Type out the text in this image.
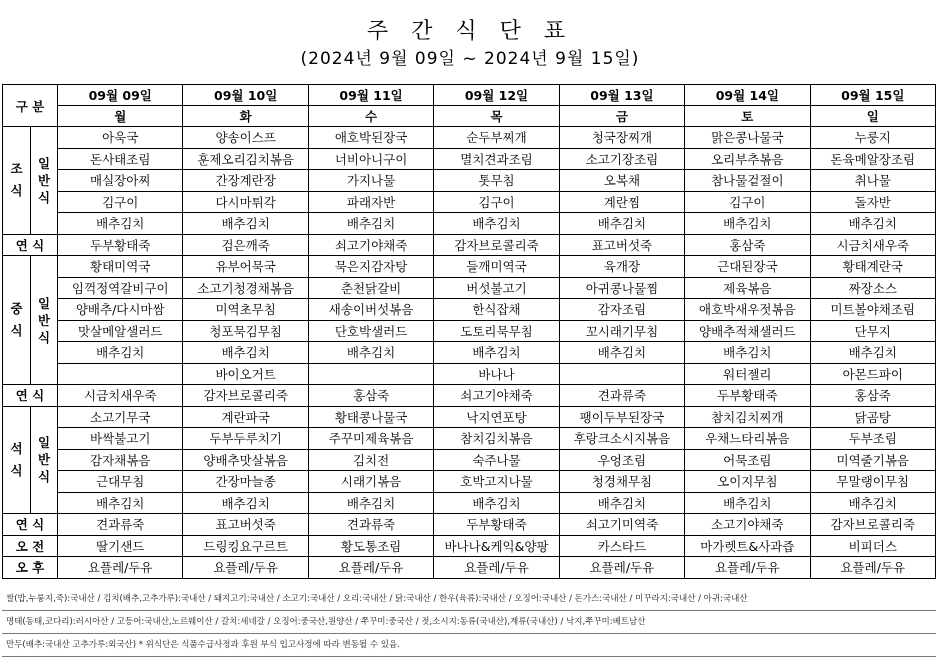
주 간 식 단 표
(2024년 9월 09일 ~ 2024년 9월 15일)
구 분		09월 09일	09월 10일	09월 11일	09월 12일	09월 13일	09월 14일	09월 15일
		월	화	수	목	금	토	일
조
식	일
반
식	아욱국	양송이스프	애호박된장국	순두부찌개	청국장찌개	맑은콩나물국	누룽지
		돈사태조림	훈제오리김치볶음	너비아니구이	멸치견과조림	소고기장조림	오리부추볶음	돈육메알장조림
		매실장아찌	간장계란장	가지나물	톳무침	오복채	참나물겉절이	취나물
		김구이	다시마튀각	파래자반	김구이	계란찜	김구이	돌자반
		배추김치	배추김치	배추김치	배추김치	배추김치	배추김치	배추김치
연 식		두부황태죽	검은깨죽	쇠고기야채죽	감자브로콜리죽	표고버섯죽	홍삼죽	시금치새우죽
중
식	일
반
식	황태미역국	유부어묵국	묵은지감자탕	들깨미역국	육개장	근대된장국	황태계란국
		임꺽정역갈비구이	소고기청경채볶음	춘천닭갈비	버섯불고기	아귀콩나물찜	제육볶음	짜장소스
		양배추/다시마쌈	미역초무침	새송이버섯볶음	한식잡채	감자조림	애호박새우젓볶음	미트볼야채조림
		맛살메알샐러드	청포묵김무침	단호박샐러드	도토리묵무침	꼬시래기무침	양배추적채샐러드	단무지
		배추김치	배추김치	배추김치	배추김치	배추김치	배추김치	배추김치
			바이오거트		바나나		워터젤리	아몬드파이
연 식		시금치새우죽	감자브로콜리죽	홍삼죽	쇠고기야채죽	견과류죽	두부황태죽	홍삼죽
석
식	일
반
식	소고기무국	계란파국	황태콩나물국	낙지연포탕	팽이두부된장국	참치김치찌개	닭곰탕
		바싹불고기	두부두루치기	주꾸미제육볶음	참치김치볶음	후랑크소시지볶음	우채느타리볶음	두부조림
		감자채볶음	양배추맛살볶음	김치전	숙주나물	우엉조림	어묵조림	미역줄기볶음
		근대무침	간장마늘종	시래기볶음	호박고지나물	청경채무침	오이지무침	무말랭이무침
		배추김치	배추김치	배추김치	배추김치	배추김치	배추김치	배추김치
연 식		견과류죽	표고버섯죽	견과류죽	두부황태죽	쇠고기미역죽	소고기야채죽	감자브로콜리죽
오 전		딸기샌드	드링킹요구르트	황도통조림	바나나&케익&양팡	카스타드	마가렛트&사과즙	비피더스
오 후		요플레/두유	요플레/두유	요플레/두유	요플레/두유	요플레/두유	요플레/두유	요플레/두유
쌀(밥,누룽지,죽):국내산 / 김치(배추,고추가루):국내산 / 돼지고기:국내산 / 소고기:국내산 / 오리:국내산 / 닭:국내산 / 한우(육류):국내산 / 오징어:국내산 / 돈가스:국내산 / 미꾸라지:국내산 / 아귀:국내산
명태(동태,코다리):러시아산 / 고등어:국내산,노르웨이산 / 갈치:세네갈 / 오징어:중국산,원양산 / 쭈꾸미:중국산 / 젓,소시지:동류(국내산),계류(국내산) / 낙지,쭈꾸미:베트남산
만두(배추:국내산 고추가루:외국산) * 위식단은 식품수급사정과 후원 부식 입고사정에 따라 변동될 수 있음.
